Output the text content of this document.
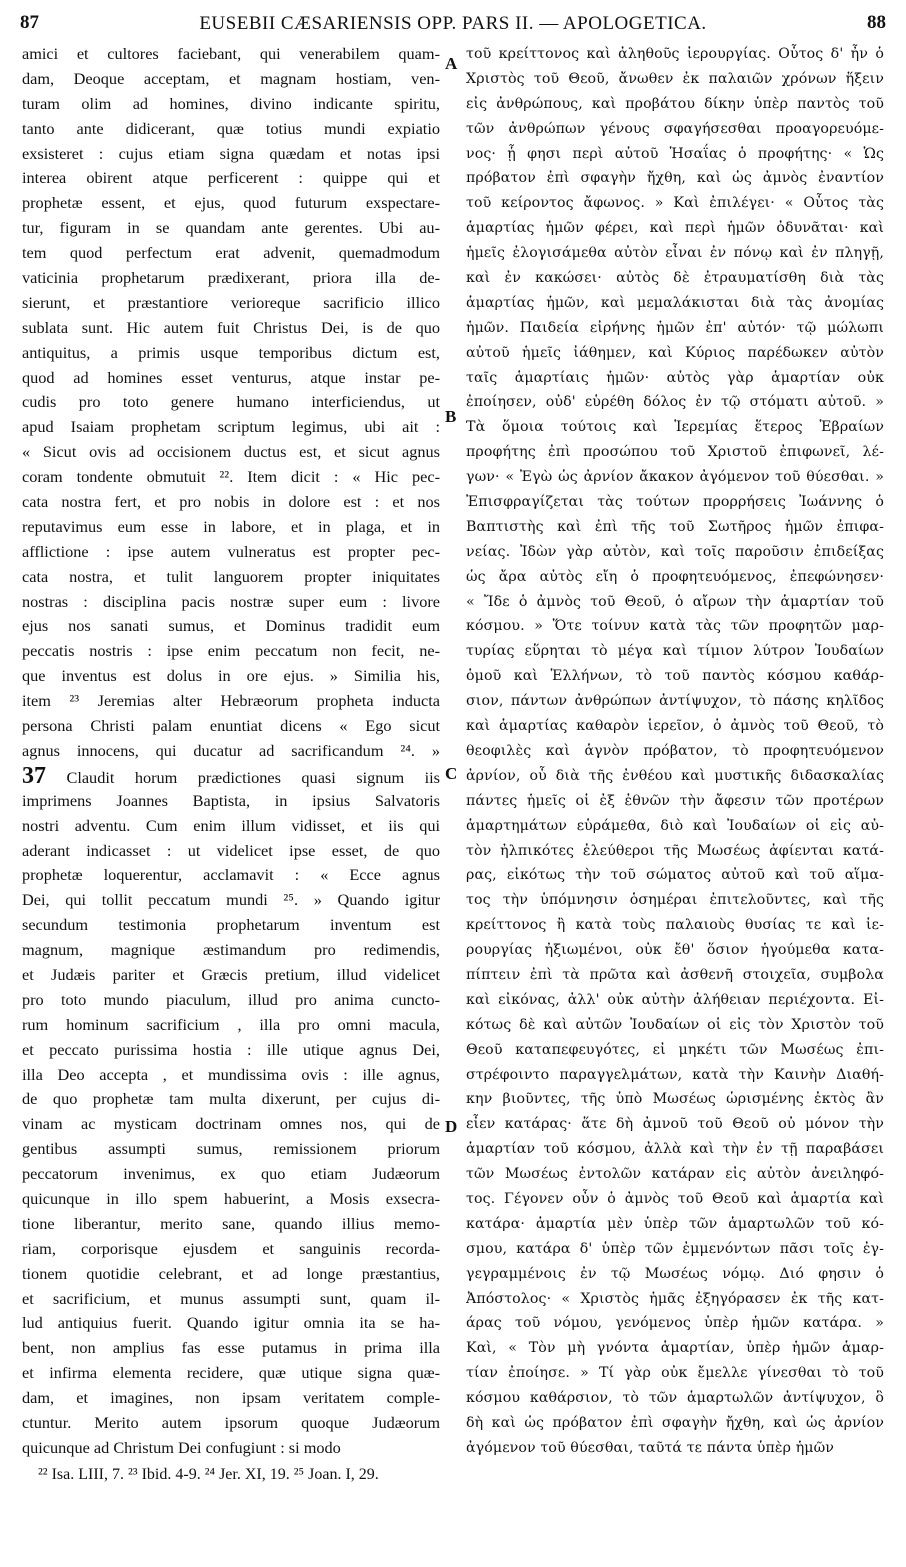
87	EUSEBII CÆSARIENSIS OPP. PARS II. — APOLOGETICA.	88
amici et cultores faciebant, qui venerabilem quam-
dam, Deoque acceptam, et magnam hostiam, ven-
turam olim ad homines, divino indicante spiritu,
tanto ante didicerant, quæ totius mundi expiatio
exsisteret : cujus etiam signa quædam et notas ipsi
interea obirent atque perficerent : quippe qui et
prophetæ essent, et ejus, quod futurum exspectare-
tur, figuram in se quandam ante gerentes. Ubi au-
tem quod perfectum erat advenit, quemadmodum
vaticinia prophetarum prædixerant, priora illa de-
sierunt, et præstantiore verioreque sacrificio illico
sublata sunt. Hic autem fuit Christus Dei, is de quo
antiquitus, a primis usque temporibus dictum est,
quod ad homines esset venturus, atque instar pe-
cudis pro toto genere humano interficiendus, ut
apud Isaiam prophetam scriptum legimus, ubi ait :
« Sicut ovis ad occisionem ductus est, et sicut agnus
coram tondente obmutuit ²². Item dicit : « Hic pec-
cata nostra fert, et pro nobis in dolore est : et nos
reputavimus eum esse in labore, et in plaga, et in
afflictione : ipse autem vulneratus est propter pec-
cata nostra, et tulit languorem propter iniquitates
nostras : disciplina pacis nostræ super eum : livore
ejus nos sanati sumus, et Dominus tradidit eum
peccatis nostris : ipse enim peccatum non fecit, ne-
que inventus est dolus in ore ejus. » Similia his,
item ²³ Jeremias alter Hebræorum propheta inducta
persona Christi palam enuntiat dicens « Ego sicut
agnus innocens, qui ducatur ad sacrificandum ²⁴. »
37 Claudit horum prædictiones quasi signum iis
imprimens Joannes Baptista, in ipsius Salvatoris
nostri adventu. Cum enim illum vidisset, et iis qui
aderant indicasset : ut videlicet ipse esset, de quo
prophetæ loquerentur, acclamavit : « Ecce agnus
Dei, qui tollit peccatum mundi ²⁵. » Quando igitur
secundum testimonia prophetarum inventum est
magnum, magnique æstimandum pro redimendis,
et Judæis pariter et Græcis pretium, illud videlicet
pro toto mundo piaculum, illud pro anima cuncto-
rum hominum sacrificium , illa pro omni macula,
et peccato purissima hostia : ille utique agnus Dei,
illa Deo accepta , et mundissima ovis : ille agnus,
de quo prophetæ tam multa dixerunt, per cujus di-
vinam ac mysticam doctrinam omnes nos, qui de
gentibus assumpti sumus, remissionem priorum
peccatorum invenimus, ex quo etiam Judæorum
quicunque in illo spem habuerint, a Mosis exsecra-
tione liberantur, merito sane, quando illius memo-
riam, corporisque ejusdem et sanguinis recorda-
tionem quotidie celebrant, et ad longe præstantius,
et sacrificium, et munus assumpti sunt, quam il-
lud antiquius fuerit. Quando igitur omnia ita se ha-
bent, non amplius fas esse putamus in prima illa
et infirma elementa recidere, quæ utique signa quæ-
dam, et imagines, non ipsam veritatem comple-
ctuntur. Merito autem ipsorum quoque Judæorum
quicunque ad Christum Dei confugiunt : si modo
τοῦ κρείττονος καὶ ἀληθοῦς ἱερουργίας. Οὗτος δ' ἦν ὁ
Χριστὸς τοῦ Θεοῦ, ἄνωθεν ἐκ παλαιῶν χρόνων ἥξειν
εἰς ἀνθρώπους, καὶ προβάτου δίκην ὑπὲρ παντὸς τοῦ
τῶν ἀνθρώπων γένους σφαγήσεσθαι προαγορευόμε-
νος· ᾗ φησι περὶ αὐτοῦ Ἡσαΐας ὁ προφήτης· « Ὡς
πρόβατον ἐπὶ σφαγὴν ἤχθη, καὶ ὡς ἀμνὸς ἐναντίον
τοῦ κείροντος ἄφωνος. » Καὶ ἐπιλέγει· « Οὗτος τὰς
ἁμαρτίας ἡμῶν φέρει, καὶ περὶ ἡμῶν ὀδυνᾶται· καὶ
ἡμεῖς ἐλογισάμεθα αὐτὸν εἶναι ἐν πόνῳ καὶ ἐν πληγῇ,
καὶ ἐν κακώσει· αὐτὸς δὲ ἐτραυματίσθη διὰ τὰς
ἁμαρτίας ἡμῶν, καὶ μεμαλάκισται διὰ τὰς ἀνομίας
ἡμῶν. Παιδεία εἰρήνης ἡμῶν ἐπ' αὐτόν· τῷ μώλωπι
αὐτοῦ ἡμεῖς ἰάθημεν, καὶ Κύριος παρέδωκεν αὐτὸν
ταῖς ἁμαρτίαις ἡμῶν· αὐτὸς γὰρ ἁμαρτίαν οὐκ
ἐποίησεν, οὐδ' εὑρέθη δόλος ἐν τῷ στόματι αὐτοῦ. »
Τὰ ὅμοια τούτοις καὶ Ἱερεμίας ἕτερος Ἑβραίων
προφήτης ἐπὶ προσώπου τοῦ Χριστοῦ ἐπιφωνεῖ, λέ-
γων· « Ἐγὼ ὡς ἀρνίον ἄκακον ἀγόμενον τοῦ θύεσθαι. »
Ἐπισφραγίζεται τὰς τούτων προρρήσεις Ἰωάννης ὁ
Βαπτιστὴς καὶ ἐπὶ τῆς τοῦ Σωτῆρος ἡμῶν ἐπιφα-
νείας. Ἰδὼν γὰρ αὐτὸν, καὶ τοῖς παροῦσιν ἐπιδείξας
ὡς ἄρα αὐτὸς εἴη ὁ προφητευόμενος, ἐπεφώνησεν·
« Ἴδε ὁ ἀμνὸς τοῦ Θεοῦ, ὁ αἴρων τὴν ἁμαρτίαν τοῦ
κόσμου. » Ὅτε τοίνυν κατὰ τὰς τῶν προφητῶν μαρ-
τυρίας εὕρηται τὸ μέγα καὶ τίμιον λύτρον Ἰουδαίων
ὁμοῦ καὶ Ἑλλήνων, τὸ τοῦ παντὸς κόσμου καθάρ-
σιον, πάντων ἀνθρώπων ἀντίψυχον, τὸ πάσης κηλῖδος
καὶ ἁμαρτίας καθαρὸν ἱερεῖον, ὁ ἀμνὸς τοῦ Θεοῦ, τὸ
θεοφιλὲς καὶ ἁγνὸν πρόβατον, τὸ προφητευόμενον
ἀρνίον, οὗ διὰ τῆς ἐνθέου καὶ μυστικῆς διδασκαλίας
πάντες ἡμεῖς οἱ ἐξ ἐθνῶν τὴν ἄφεσιν τῶν προτέρων
ἁμαρτημάτων εὑράμεθα, διὸ καὶ Ἰουδαίων οἱ εἰς αὐ-
τὸν ἠλπικότες ἐλεύθεροι τῆς Μωσέως ἀφίενται κατά-
ρας, εἰκότως τὴν τοῦ σώματος αὐτοῦ καὶ τοῦ αἵμα-
τος τὴν ὑπόμνησιν ὁσημέραι ἐπιτελοῦντες, καὶ τῆς
κρείττονος ἢ κατὰ τοὺς παλαιοὺς θυσίας τε καὶ ἱε-
ρουργίας ἠξιωμένοι, οὐκ ἔθ' ὅσιον ἡγούμεθα κατα-
πίπτειν ἐπὶ τὰ πρῶτα καὶ ἀσθενῆ στοιχεῖα, συμβολα
καὶ εἰκόνας, ἀλλ' οὐκ αὐτὴν ἀλήθειαν περιέχοντα. Εἰ-
κότως δὲ καὶ αὐτῶν Ἰουδαίων οἱ εἰς τὸν Χριστὸν τοῦ
Θεοῦ καταπεφευγότες, εἰ μηκέτι τῶν Μωσέως ἐπι-
στρέφοιντο παραγγελμάτων, κατὰ τὴν Καινὴν Διαθή-
κην βιοῦντες, τῆς ὑπὸ Μωσέως ὡρισμένης ἐκτὸς ἂν
εἶεν κατάρας· ἅτε δὴ ἀμνοῦ τοῦ Θεοῦ οὐ μόνον τὴν
ἁμαρτίαν τοῦ κόσμου, ἀλλὰ καὶ τὴν ἐν τῇ παραβάσει
τῶν Μωσέως ἐντολῶν κατάραν εἰς αὐτὸν ἀνειληφό-
τος. Γέγονεν οὖν ὁ ἀμνὸς τοῦ Θεοῦ καὶ ἁμαρτία καὶ
κατάρα· ἁμαρτία μὲν ὑπὲρ τῶν ἁμαρτωλῶν τοῦ κό-
σμου, κατάρα δ' ὑπὲρ τῶν ἐμμενόντων πᾶσι τοῖς ἐγ-
γεγραμμένοις ἐν τῷ Μωσέως νόμῳ. Διό φησιν ὁ
Ἀπόστολος· « Χριστὸς ἡμᾶς ἐξηγόρασεν ἐκ τῆς κατ-
άρας τοῦ νόμου, γενόμενος ὑπὲρ ἡμῶν κατάρα. »
Καὶ, « Τὸν μὴ γνόντα ἁμαρτίαν, ὑπὲρ ἡμῶν ἁμαρ-
τίαν ἐποίησε. » Τί γὰρ οὐκ ἔμελλε γίνεσθαι τὸ τοῦ
κόσμου καθάρσιον, τὸ τῶν ἁμαρτωλῶν ἀντίψυχον, ὃ
δὴ καὶ ὡς πρόβατον ἐπὶ σφαγὴν ἤχθη, καὶ ὡς ἀρνίον
ἀγόμενον τοῦ θύεσθαι, ταῦτά τε πάντα ὑπὲρ ἡμῶν
A
B
C
D
²² Isa. LIII, 7. ²³ Ibid. 4-9. ²⁴ Jer. XI, 19. ²⁵ Joan. I, 29.
